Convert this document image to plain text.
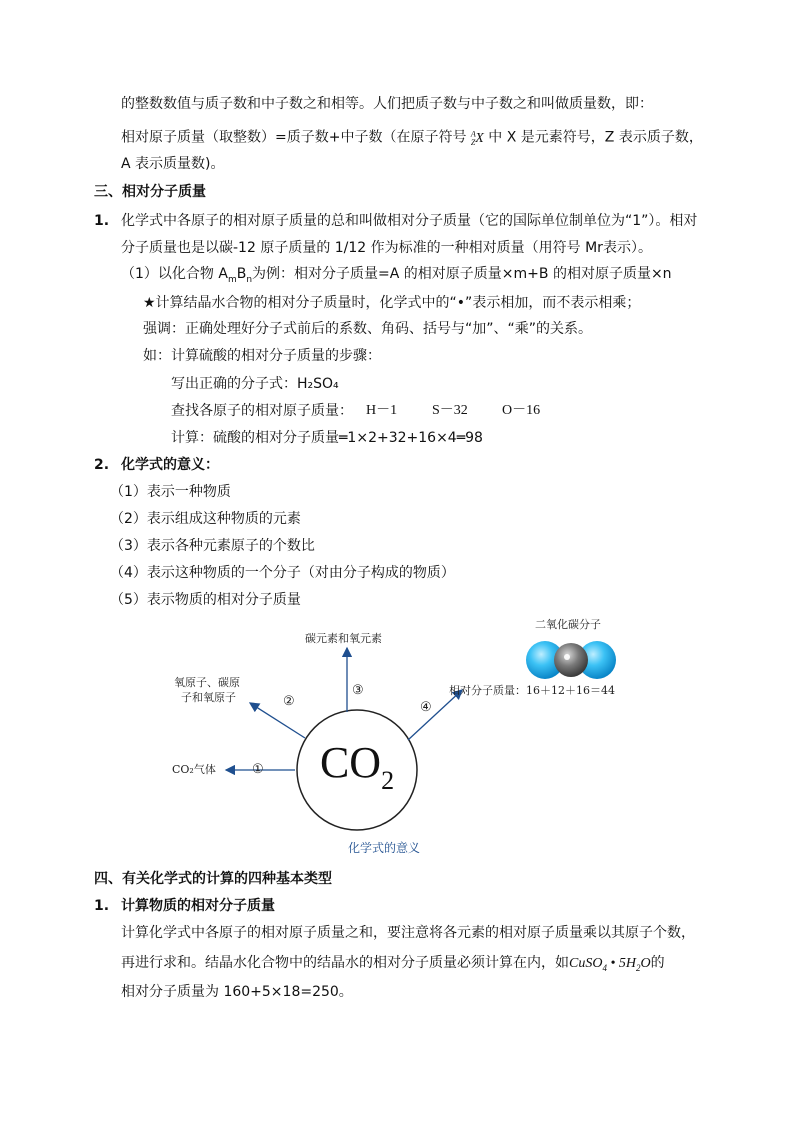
的整数数值与质子数和中子数之和相等。人们把质子数与中子数之和叫做质量数，即：
相对原子质量（取整数）=质子数+中子数（在原子符号 $^A_Z$X 中 X 是元素符号，Z 表示质子数，
A 表示质量数)。
三、相对分子质量
1. 化学式中各原子的相对原子质量的总和叫做相对分子质量（它的国际单位制单位为“1”）。相对
分子质量也是以碳-12 原子质量的 1/12 作为标准的一种相对质量（用符号 Mr表示）。
（1）以化合物 $A_mB_n$为例：相对分子质量=A 的相对原子质量×m+B 的相对原子质量×n
★计算结晶水合物的相对分子质量时，化学式中的“•”表示相加，而不表示相乘；
强调：正确处理好分子式前后的系数、角码、括号与“加”、“乘”的关系。
如：计算硫酸的相对分子质量的步骤：
写出正确的分子式：H₂SO₄
查找各原子的相对原子质量： H－1 S－32 O－16
计算：硫酸的相对分子质量═1×2+32+16×4═98
2. 化学式的意义：
（1）表示一种物质
（2）表示组成这种物质的元素
（3）表示各种元素原子的个数比
（4）表示这种物质的一个分子（对由分子构成的物质）
（5）表示物质的相对分子质量
$CO_2$
碳元素和氧元素
氧原子、碳原
子和氧原子
CO₂气体
相对分子质量：16＋12＋16＝44
二氧化碳分子
①
②
③
④
化学式的意义
四、有关化学式的计算的四种基本类型
1. 计算物质的相对分子质量
计算化学式中各原子的相对原子质量之和，要注意将各元素的相对原子质量乘以其原子个数，
再进行求和。结晶水化合物中的结晶水的相对分子质量必须计算在内，如CuSO$_4$ • $5H_2O$的
相对分子质量为 160+5×18=250。
